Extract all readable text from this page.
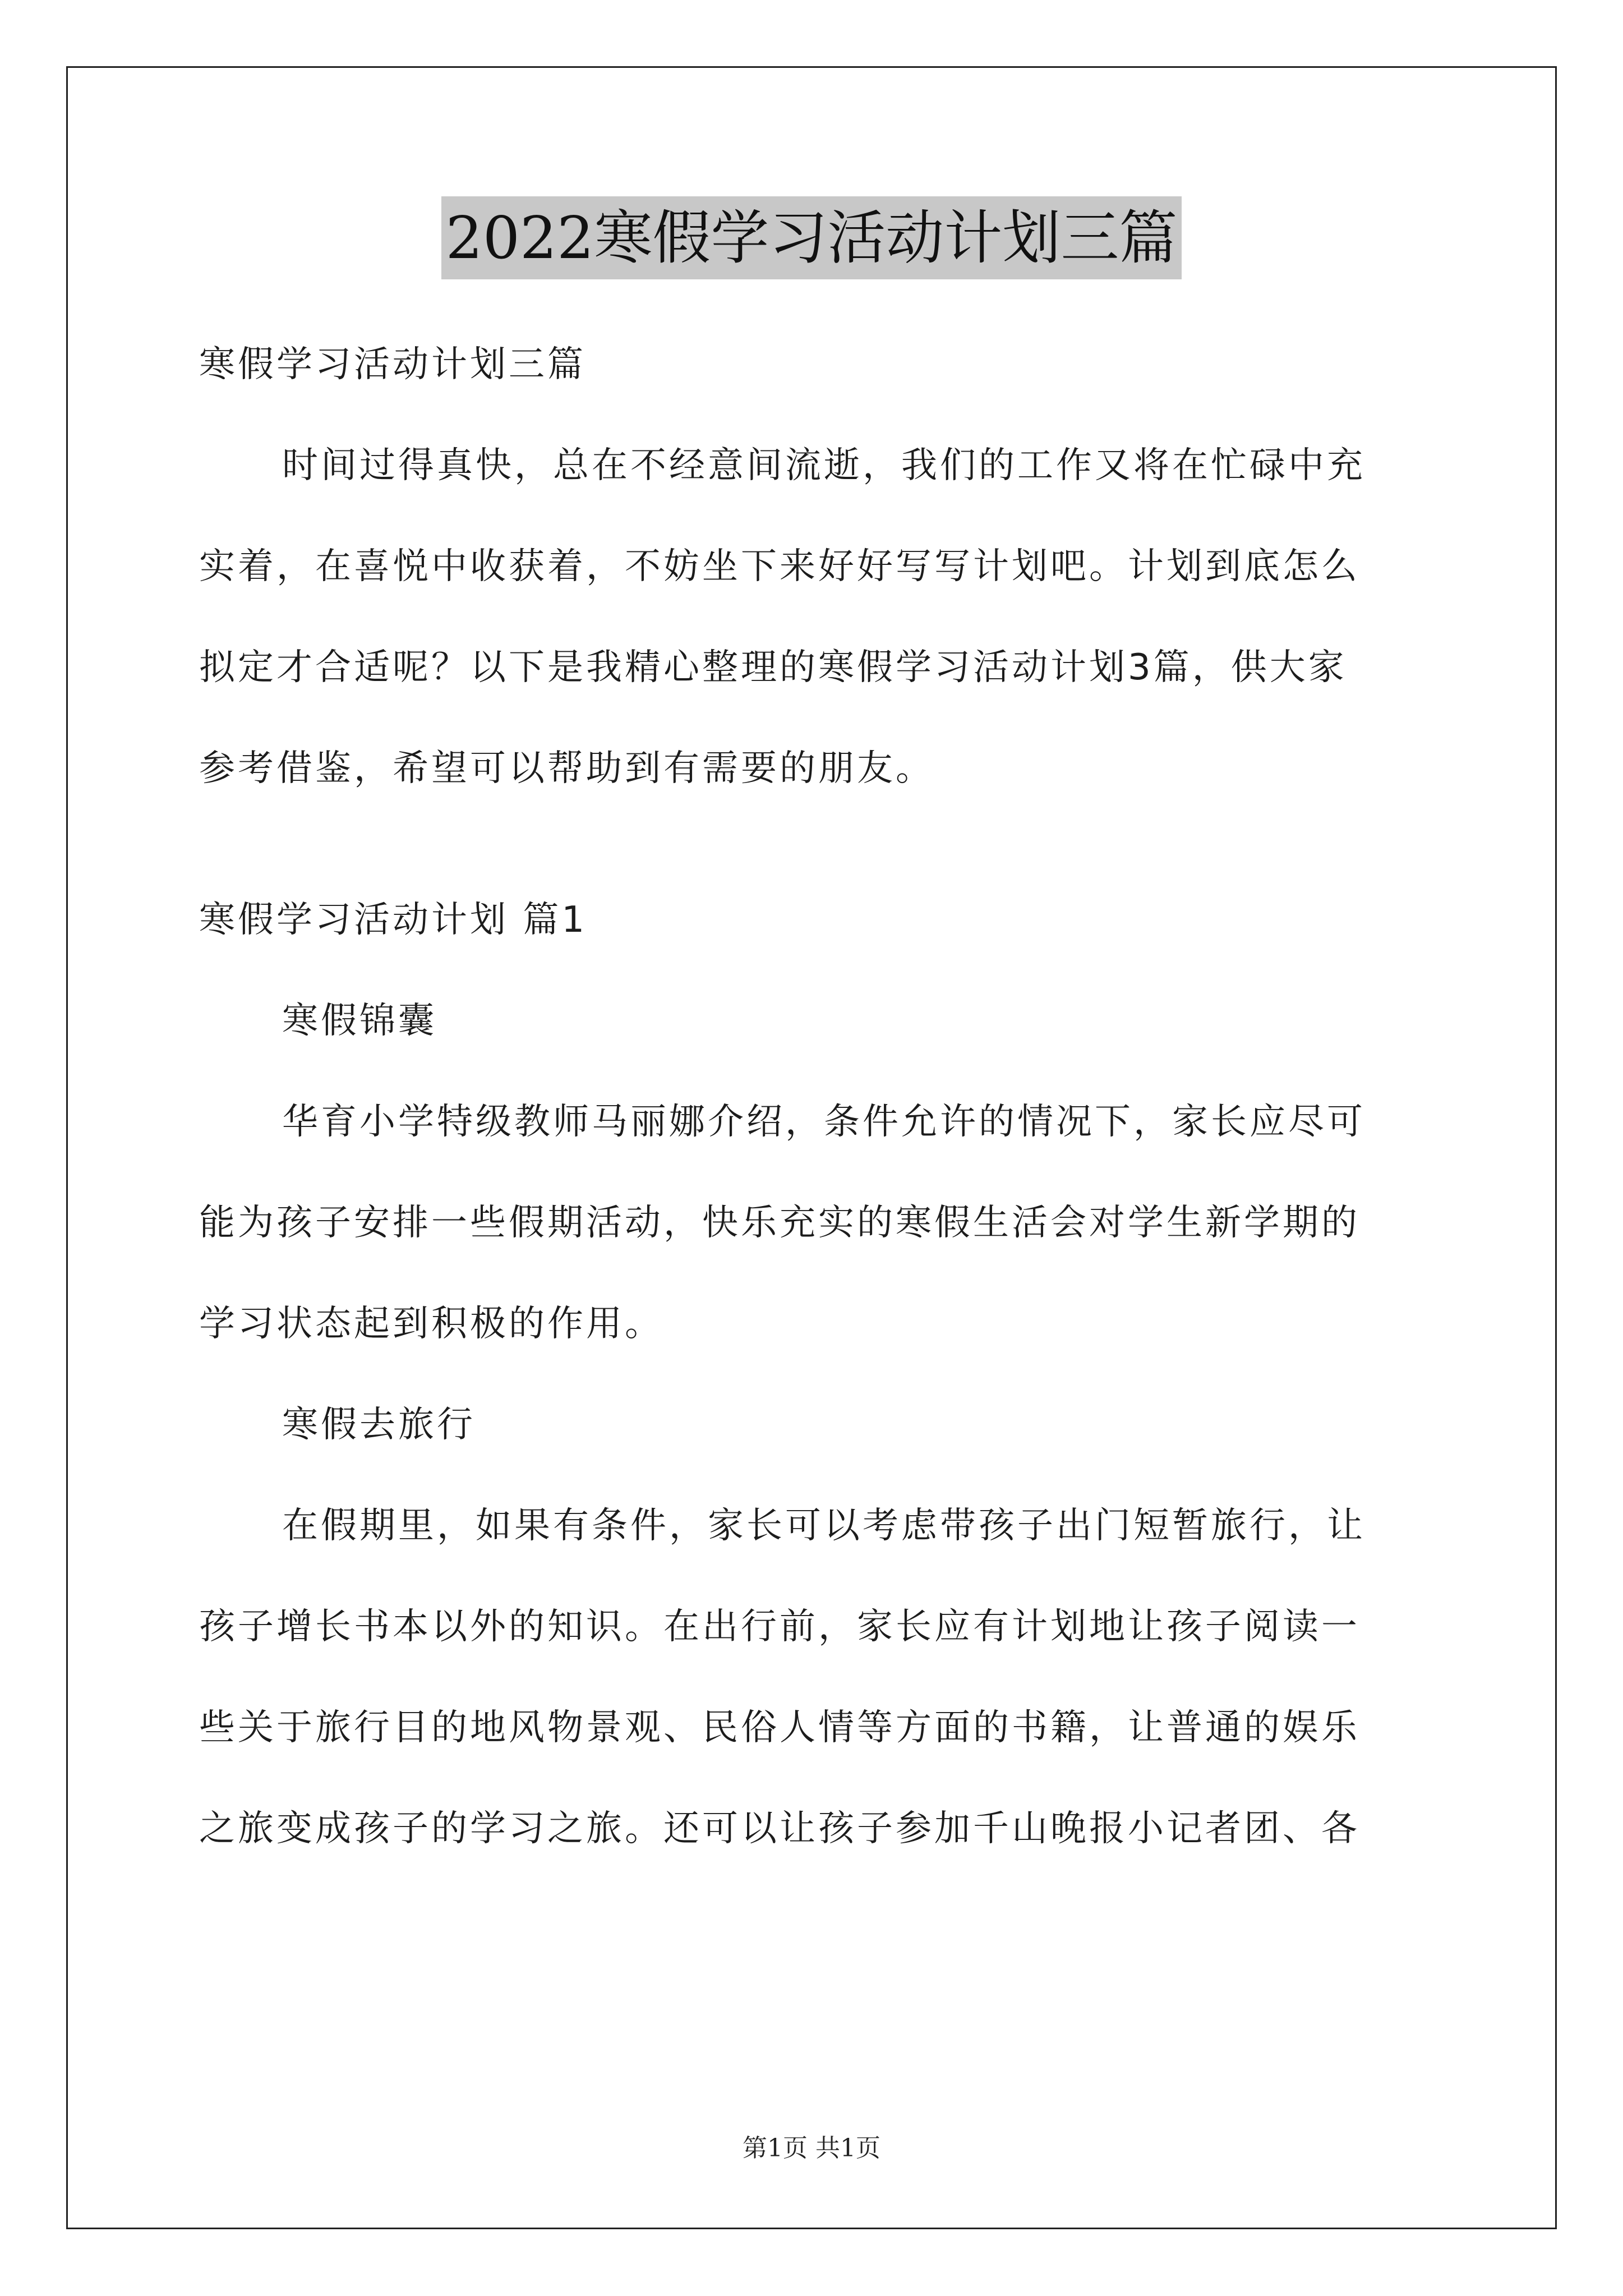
2022寒假学习活动计划三篇
寒假学习活动计划三篇
时间过得真快，总在不经意间流逝，我们的工作又将在忙碌中充
实着，在喜悦中收获着，不妨坐下来好好写写计划吧。计划到底怎么
拟定才合适呢？以下是我精心整理的寒假学习活动计划3篇，供大家
参考借鉴，希望可以帮助到有需要的朋友。
寒假学习活动计划 篇1
寒假锦囊
华育小学特级教师马丽娜介绍，条件允许的情况下，家长应尽可
能为孩子安排一些假期活动，快乐充实的寒假生活会对学生新学期的
学习状态起到积极的作用。
寒假去旅行
在假期里，如果有条件，家长可以考虑带孩子出门短暂旅行，让
孩子增长书本以外的知识。在出行前，家长应有计划地让孩子阅读一
些关于旅行目的地风物景观、民俗人情等方面的书籍，让普通的娱乐
之旅变成孩子的学习之旅。还可以让孩子参加千山晚报小记者团、各
第1页 共1页
